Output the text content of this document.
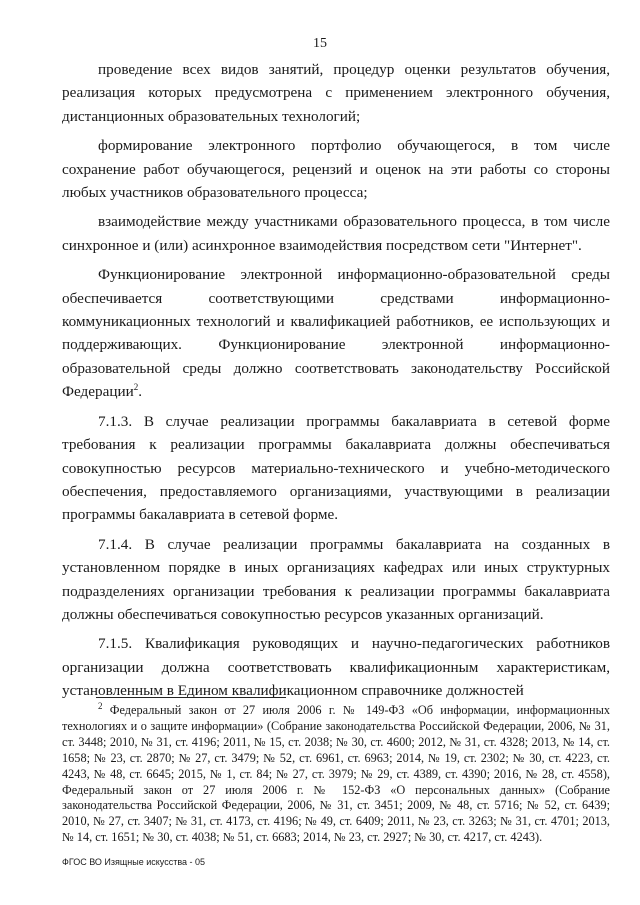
15

проведение всех видов занятий, процедур оценки результатов обучения, реализация которых предусмотрена с применением электронного обучения, дистанционных образовательных технологий;

формирование электронного портфолио обучающегося, в том числе сохранение работ обучающегося, рецензий и оценок на эти работы со стороны любых участников образовательного процесса;

взаимодействие между участниками образовательного процесса, в том числе синхронное и (или) асинхронное взаимодействия посредством сети "Интернет".

Функционирование электронной информационно-образовательной среды обеспечивается соответствующими средствами информационно-коммуникационных технологий и квалификацией работников, ее использующих и поддерживающих. Функционирование электронной информационно-образовательной среды должно соответствовать законодательству Российской Федерации$^2$.

7.1.3. В случае реализации программы бакалавриата в сетевой форме требования к реализации программы бакалавриата должны обеспечиваться совокупностью ресурсов материально-технического и учебно-методического обеспечения, предоставляемого организациями, участвующими в реализации программы бакалавриата в сетевой форме.

7.1.4. В случае реализации программы бакалавриата на созданных в установленном порядке в иных организациях кафедрах или иных структурных подразделениях организации требования к реализации программы бакалавриата должны обеспечиваться совокупностью ресурсов указанных организаций.

7.1.5. Квалификация руководящих и научно-педагогических работников организации должна соответствовать квалификационным характеристикам, установленным в Едином квалификационном справочнике должностей

$^2$ Федеральный закон от 27 июля 2006 г. № 149-ФЗ «Об информации, информационных технологиях и о защите информации» (Собрание законодательства Российской Федерации, 2006, № 31, ст. 3448; 2010, № 31, ст. 4196; 2011, № 15, ст. 2038; № 30, ст. 4600; 2012, № 31, ст. 4328; 2013, № 14, ст. 1658; № 23, ст. 2870; № 27, ст. 3479; № 52, ст. 6961, ст. 6963; 2014, № 19, ст. 2302; № 30, ст. 4223, ст. 4243, № 48, ст. 6645; 2015, № 1, ст. 84; № 27, ст. 3979; № 29, ст. 4389, ст. 4390; 2016, № 28, ст. 4558), Федеральный закон от 27 июля 2006 г. № 152-ФЗ «О персональных данных» (Собрание законодательства Российской Федерации, 2006, № 31, ст. 3451; 2009, № 48, ст. 5716; № 52, ст. 6439; 2010, № 27, ст. 3407; № 31, ст. 4173, ст. 4196; № 49, ст. 6409; 2011, № 23, ст. 3263; № 31, ст. 4701; 2013, № 14, ст. 1651; № 30, ст. 4038; № 51, ст. 6683; 2014, № 23, ст. 2927; № 30, ст. 4217, ст. 4243).

ФГОС ВО Изящные искусства - 05
